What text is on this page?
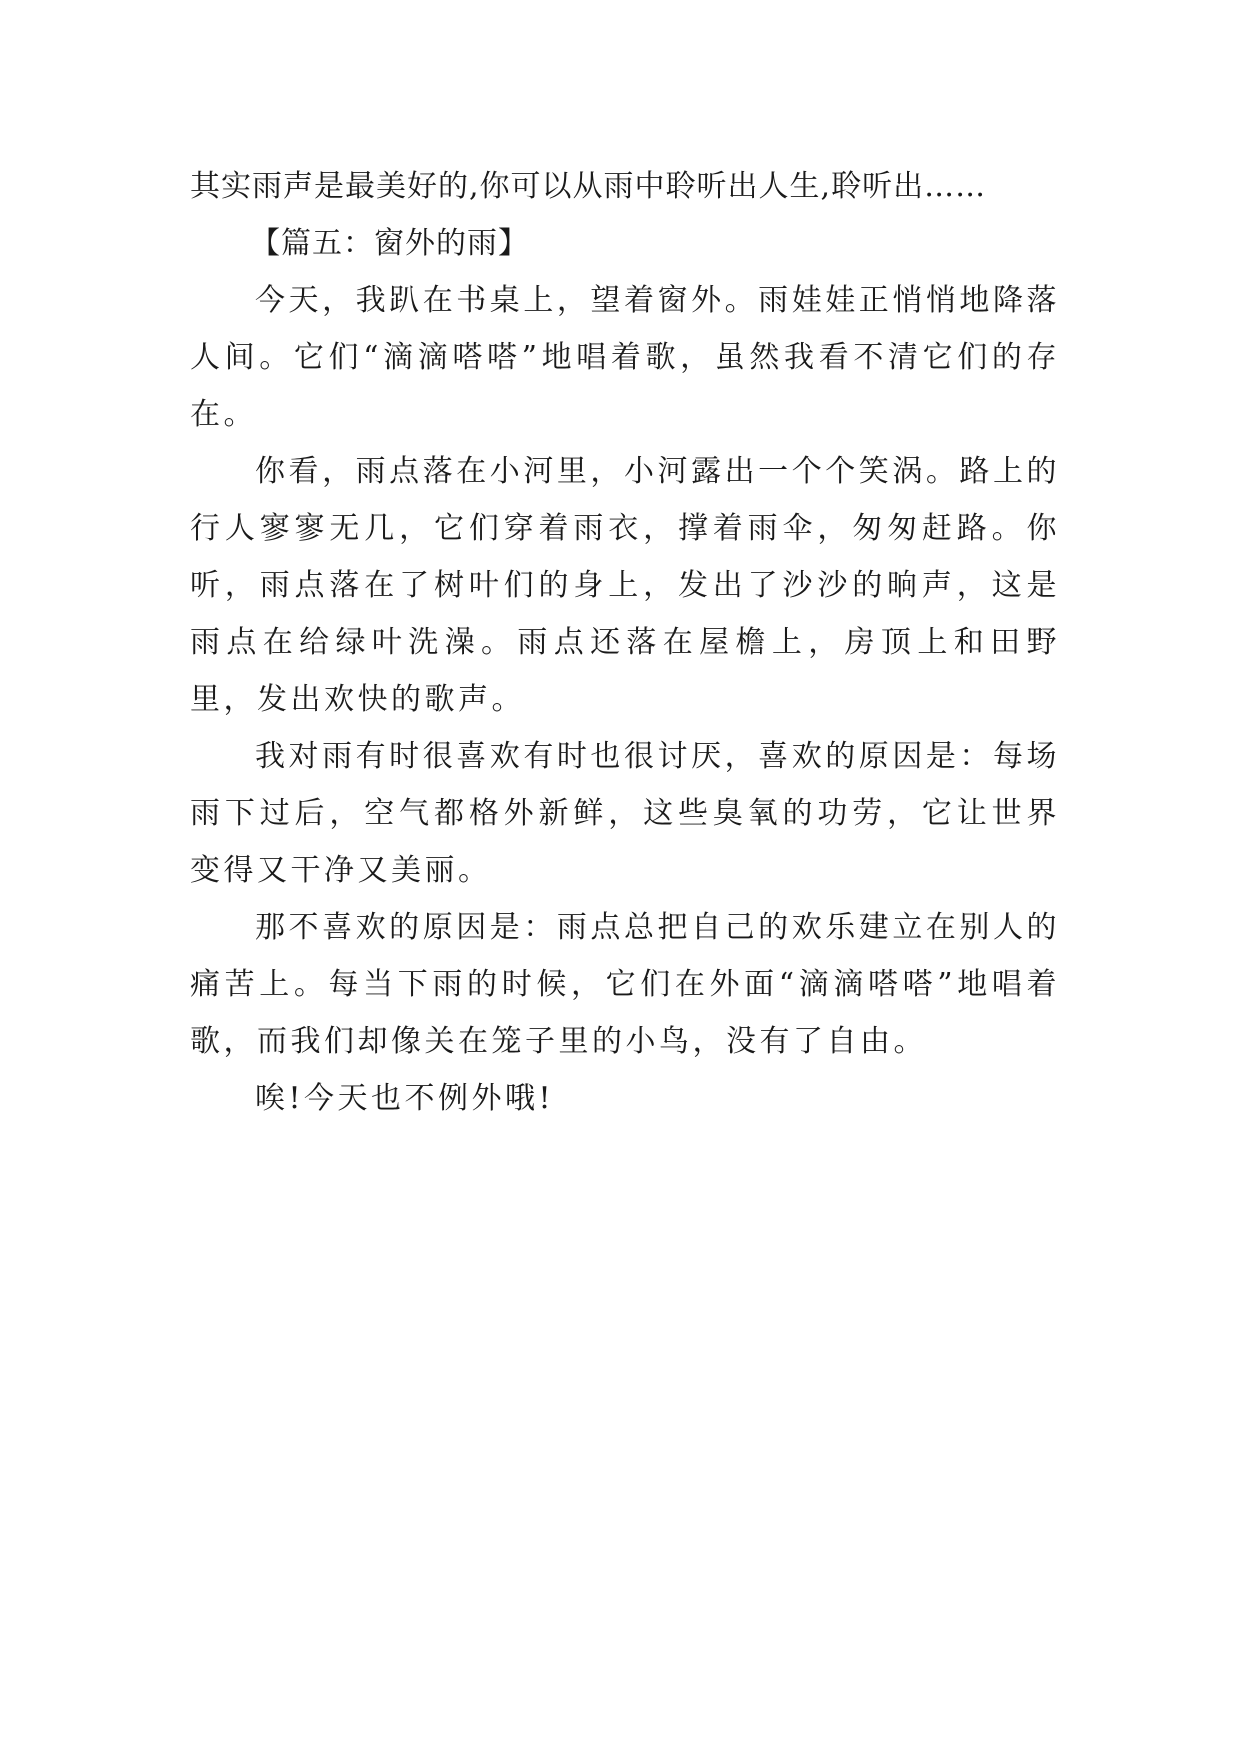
其实雨声是最美好的,你可以从雨中聆听出人生,聆听出……

【篇五：窗外的雨】

今天，我趴在书桌上，望着窗外。雨娃娃正悄悄地降落人间。它们“滴滴嗒嗒”地唱着歌，虽然我看不清它们的存在。

你看，雨点落在小河里，小河露出一个个笑涡。路上的行人寥寥无几，它们穿着雨衣，撑着雨伞，匆匆赶路。你听，雨点落在了树叶们的身上，发出了沙沙的晌声，这是雨点在给绿叶洗澡。雨点还落在屋檐上，房顶上和田野里，发出欢快的歌声。

我对雨有时很喜欢有时也很讨厌，喜欢的原因是：每场雨下过后，空气都格外新鲜，这些臭氧的功劳，它让世界变得又干净又美丽。

那不喜欢的原因是：雨点总把自己的欢乐建立在别人的痛苦上。每当下雨的时候，它们在外面“滴滴嗒嗒”地唱着歌，而我们却像关在笼子里的小鸟，没有了自由。

唉!今天也不例外哦!
